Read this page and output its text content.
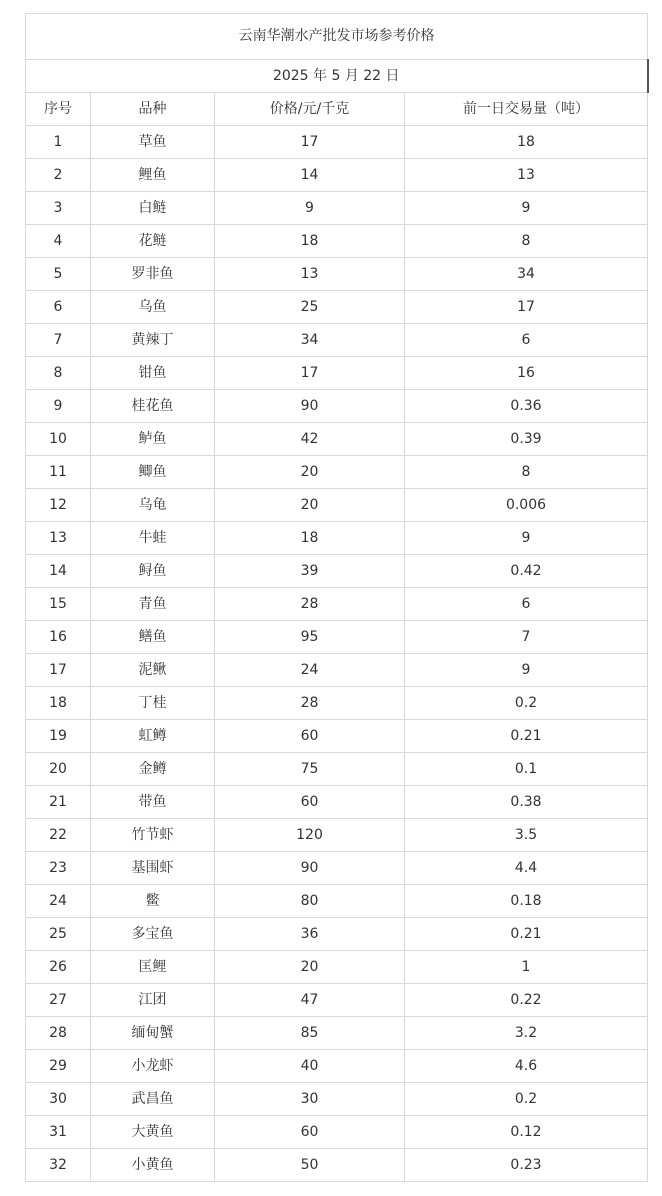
云南华潮水产批发市场参考价格			
2025 年 5 月 22 日			
序号	品种	价格/元/千克	前一日交易量（吨）
1	草鱼	17	18
2	鲤鱼	14	13
3	白鲢	9	9
4	花鲢	18	8
5	罗非鱼	13	34
6	乌鱼	25	17
7	黄辣丁	34	6
8	钳鱼	17	16
9	桂花鱼	90	0.36
10	鲈鱼	42	0.39
11	鲫鱼	20	8
12	乌龟	20	0.006
13	牛蛙	18	9
14	鲟鱼	39	0.42
15	青鱼	28	6
16	鳝鱼	95	7
17	泥鳅	24	9
18	丁桂	28	0.2
19	虹鳟	60	0.21
20	金鳟	75	0.1
21	带鱼	60	0.38
22	竹节虾	120	3.5
23	基围虾	90	4.4
24	鳖	80	0.18
25	多宝鱼	36	0.21
26	匡鲤	20	1
27	江团	47	0.22
28	缅甸蟹	85	3.2
29	小龙虾	40	4.6
30	武昌鱼	30	0.2
31	大黄鱼	60	0.12
32	小黄鱼	50	0.23
